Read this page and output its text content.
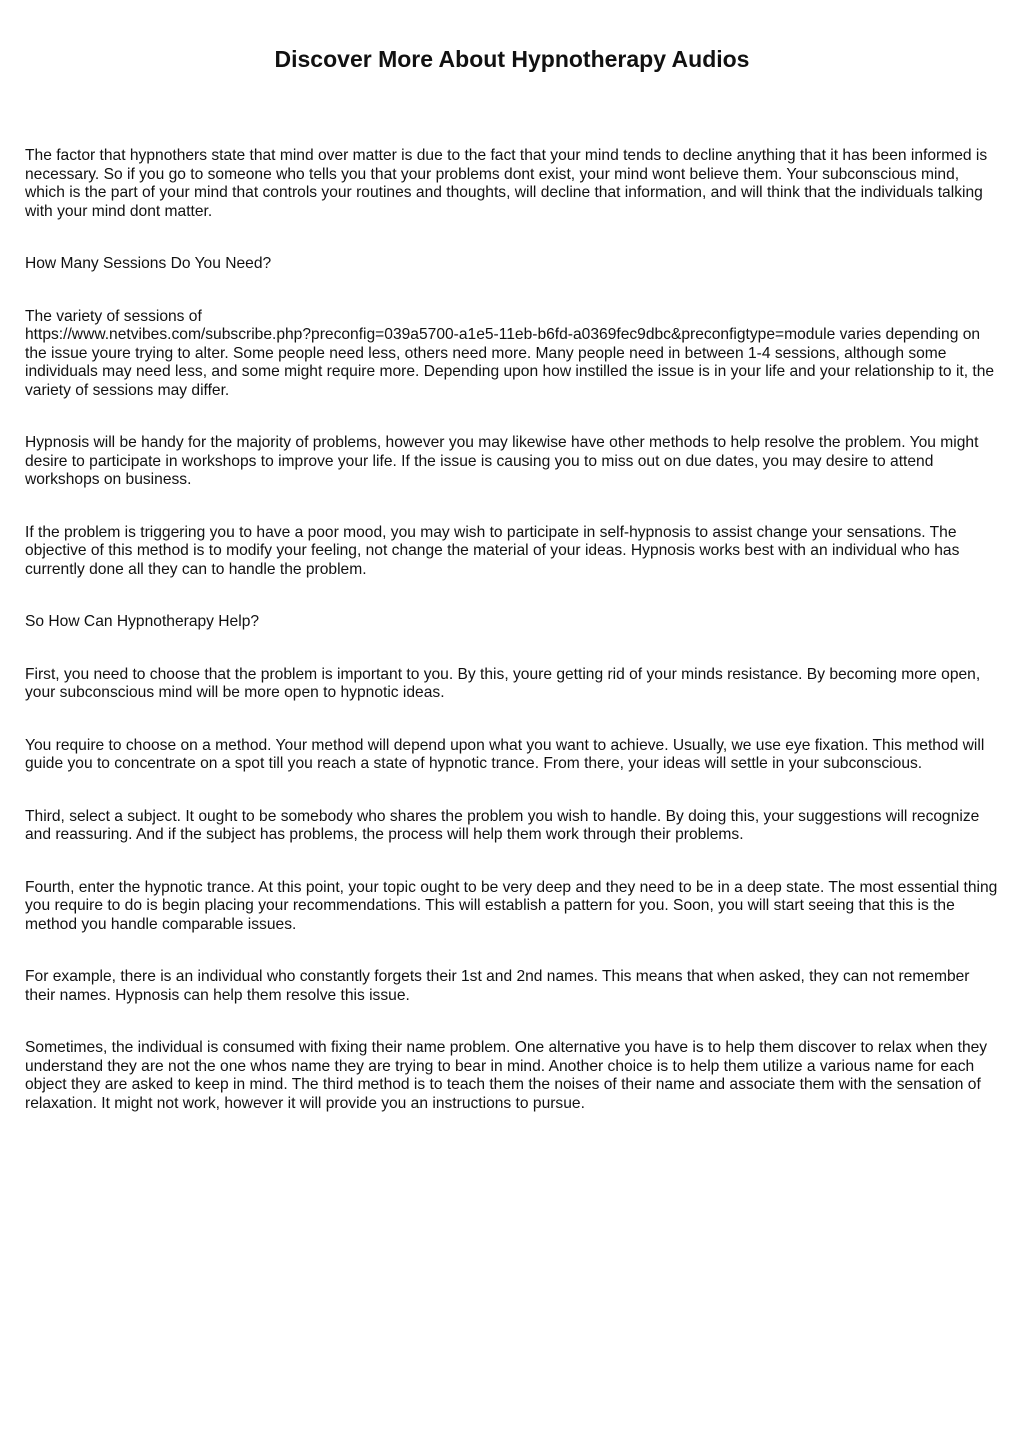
Discover More About Hypnotherapy Audios

The factor that hypnothers state that mind over matter is due to the fact that your mind tends to decline anything that it has been informed is necessary. So if you go to someone who tells you that your problems dont exist, your mind wont believe them. Your subconscious mind, which is the part of your mind that controls your routines and thoughts, will decline that information, and will think that the individuals talking with your mind dont matter.

How Many Sessions Do You Need?

The variety of sessions of
https://www.netvibes.com/subscribe.php?preconfig=039a5700-a1e5-11eb-b6fd-a0369fec9dbc&preconfigtype=module varies depending on the issue youre trying to alter. Some people need less, others need more. Many people need in between 1-4 sessions, although some individuals may need less, and some might require more. Depending upon how instilled the issue is in your life and your relationship to it, the variety of sessions may differ.

Hypnosis will be handy for the majority of problems, however you may likewise have other methods to help resolve the problem. You might desire to participate in workshops to improve your life. If the issue is causing you to miss out on due dates, you may desire to attend workshops on business.

If the problem is triggering you to have a poor mood, you may wish to participate in self-hypnosis to assist change your sensations. The objective of this method is to modify your feeling, not change the material of your ideas. Hypnosis works best with an individual who has currently done all they can to handle the problem.

So How Can Hypnotherapy Help?

First, you need to choose that the problem is important to you. By this, youre getting rid of your minds resistance. By becoming more open, your subconscious mind will be more open to hypnotic ideas.

You require to choose on a method. Your method will depend upon what you want to achieve. Usually, we use eye fixation. This method will guide you to concentrate on a spot till you reach a state of hypnotic trance. From there, your ideas will settle in your subconscious.

Third, select a subject. It ought to be somebody who shares the problem you wish to handle. By doing this, your suggestions will recognize and reassuring. And if the subject has problems, the process will help them work through their problems.

Fourth, enter the hypnotic trance. At this point, your topic ought to be very deep and they need to be in a deep state. The most essential thing you require to do is begin placing your recommendations. This will establish a pattern for you. Soon, you will start seeing that this is the method you handle comparable issues.

For example, there is an individual who constantly forgets their 1st and 2nd names. This means that when asked, they can not remember their names. Hypnosis can help them resolve this issue.

Sometimes, the individual is consumed with fixing their name problem. One alternative you have is to help them discover to relax when they understand they are not the one whos name they are trying to bear in mind. Another choice is to help them utilize a various name for each object they are asked to keep in mind. The third method is to teach them the noises of their name and associate them with the sensation of relaxation. It might not work, however it will provide you an instructions to pursue.
